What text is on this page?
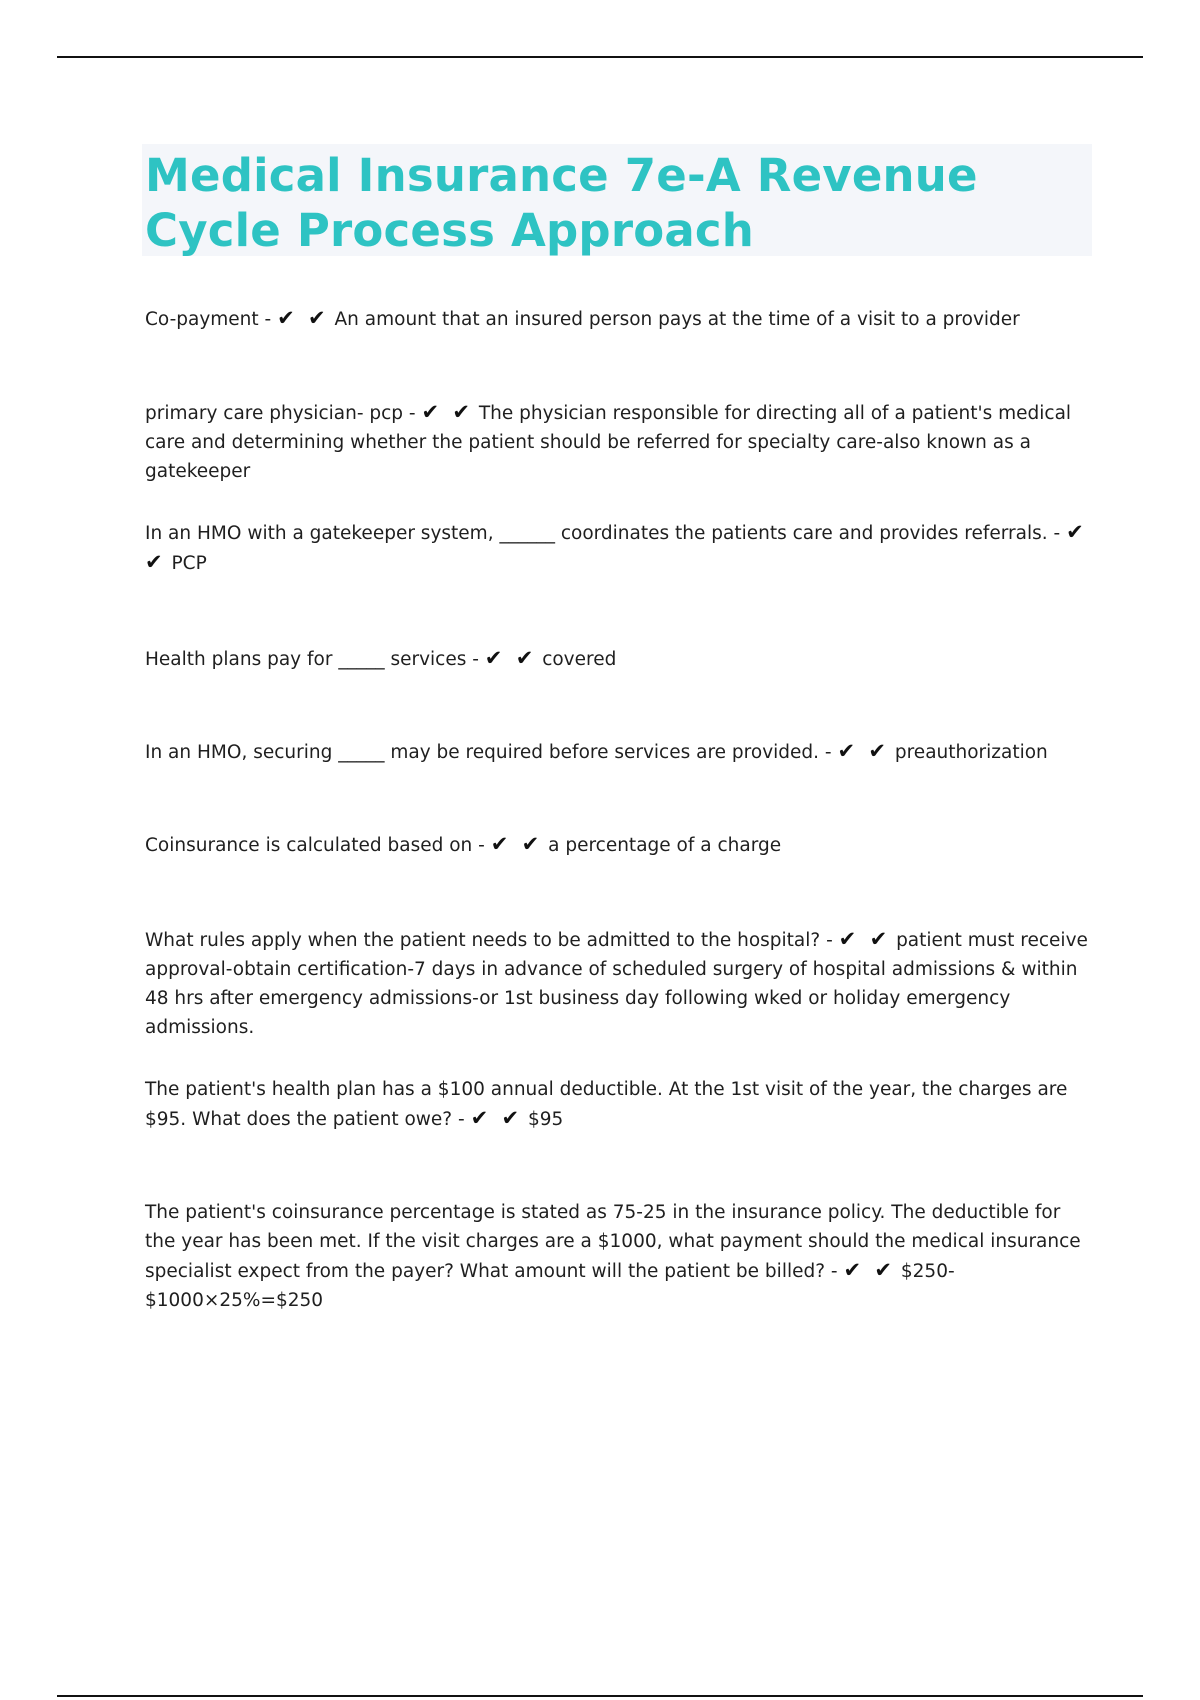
Medical Insurance 7e-A Revenue Cycle Process Approach

Co-payment - ✔ ✔ An amount that an insured person pays at the time of a visit to a provider

primary care physician- pcp - ✔ ✔ The physician responsible for directing all of a patient's medical care and determining whether the patient should be referred for specialty care-also known as a gatekeeper

In an HMO with a gatekeeper system, ______ coordinates the patients care and provides referrals. - ✔ ✔ PCP

Health plans pay for _____ services - ✔ ✔ covered

In an HMO, securing _____ may be required before services are provided. - ✔ ✔ preauthorization

Coinsurance is calculated based on - ✔ ✔ a percentage of a charge

What rules apply when the patient needs to be admitted to the hospital? - ✔ ✔ patient must receive approval-obtain certification-7 days in advance of scheduled surgery of hospital admissions & within 48 hrs after emergency admissions-or 1st business day following wked or holiday emergency admissions.

The patient's health plan has a $100 annual deductible. At the 1st visit of the year, the charges are $95. What does the patient owe? - ✔ ✔ $95

The patient's coinsurance percentage is stated as 75-25 in the insurance policy. The deductible for the year has been met. If the visit charges are a $1000, what payment should the medical insurance specialist expect from the payer? What amount will the patient be billed? - ✔ ✔ $250- $1000×25%=$250
